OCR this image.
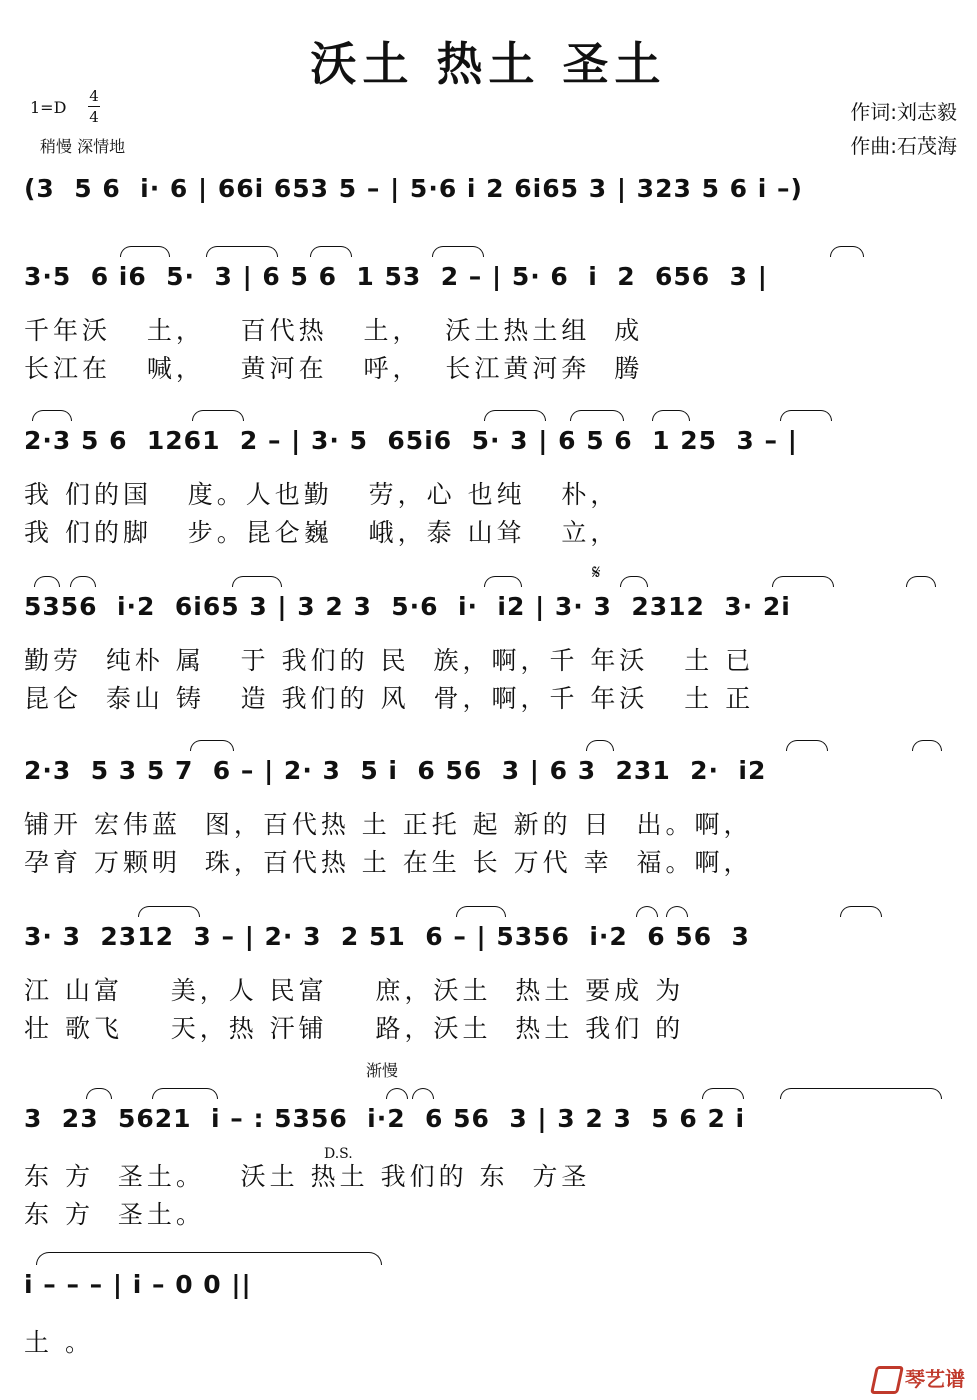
沃土 热土 圣土
1=D
4
4
稍慢 深情地
作词:刘志毅
作曲:石茂海
(3  5 6  i· 6 | 66i 653 5 – | 5·6 i 2 6i65 3 | 323 5 6 i –)
3·5  6 i6  5·  3 | 6 5 6  1 53  2 – | 5· 6  i  2  656  3 |
千年沃   土，   百代热   土，  沃土热土组  成
长江在   喊，   黄河在   呼，  长江黄河奔  腾
2·3 5 6  1261  2 – | 3· 5  65i6  5· 3 | 6 5 6  1 25  3 – |
我 们的国   度。人也勤   劳，心 也纯   朴，
我 们的脚   步。昆仑巍   峨，泰 山耸   立，
𝄋
5356  i·2  6i65 3 | 3 2 3  5·6  i·  i2 | 3· 3  2312  3· 2i
勤劳  纯朴 属   于 我们的 民  族，啊，千 年沃   土 已
昆仑  泰山 铸   造 我们的 风  骨，啊，千 年沃   土 正
2·3  5 3 5 7  6 – | 2· 3  5 i  6 56  3 | 6 3  231  2·  i2
铺开 宏伟蓝  图，百代热 土 正托 起 新的 日  出。啊，
孕育 万颗明  珠，百代热 土 在生 长 万代 幸  福。啊，
3· 3  2312  3 – | 2· 3  2 51  6 – | 5356  i·2  6 56  3
江 山富    美，人 民富    庶，沃土  热土 要成 为
壮 歌飞    天，热 汗铺    路，沃土  热土 我们 的
渐慢
3  23  5621  i – : 5356  i·2  6 56  3 | 3 2 3  5 6 2 i
D.S.
东 方  圣土。   沃土 热土 我们的 东  方圣
东 方  圣土。
i – – – | i – 0 0 ||
土 。
琴艺谱
